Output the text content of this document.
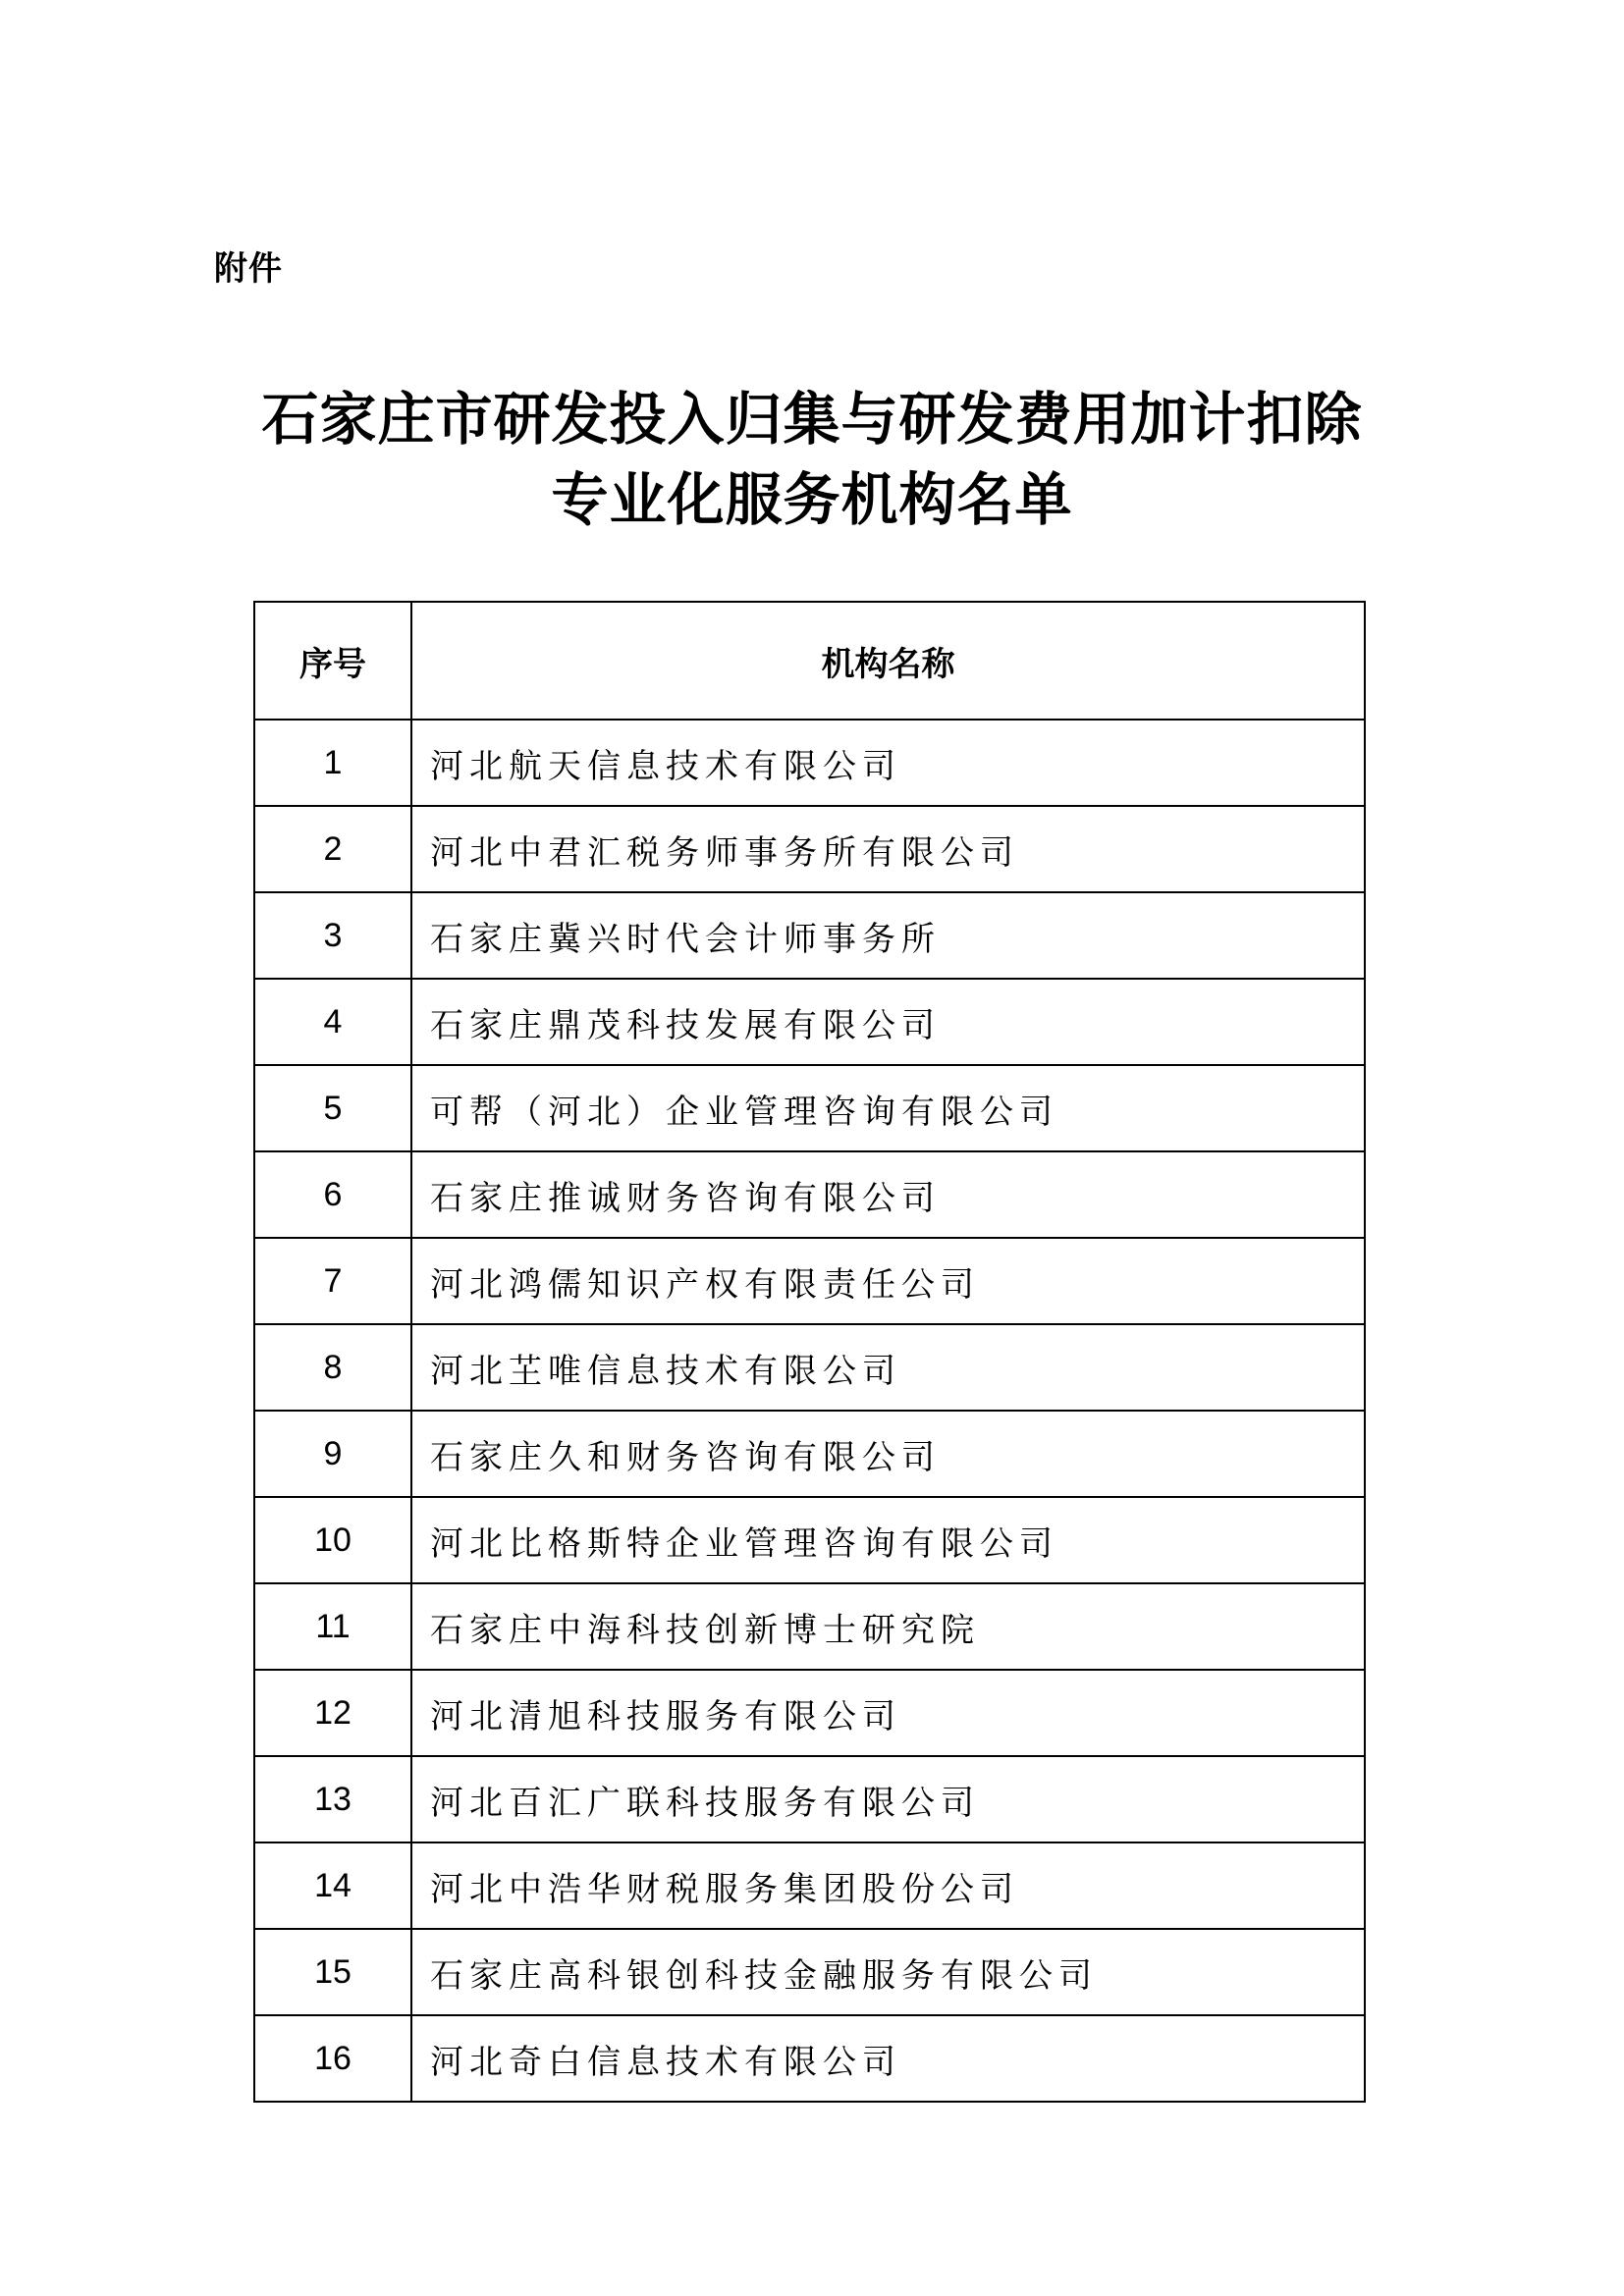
附件
石家庄市研发投入归集与研发费用加计扣除
专业化服务机构名单
序号	机构名称
1	河北航天信息技术有限公司
2	河北中君汇税务师事务所有限公司
3	石家庄冀兴时代会计师事务所
4	石家庄鼎茂科技发展有限公司
5	可帮（河北）企业管理咨询有限公司
6	石家庄推诚财务咨询有限公司
7	河北鸿儒知识产权有限责任公司
8	河北芏唯信息技术有限公司
9	石家庄久和财务咨询有限公司
10	河北比格斯特企业管理咨询有限公司
11	石家庄中海科技创新博士研究院
12	河北清旭科技服务有限公司
13	河北百汇广联科技服务有限公司
14	河北中浩华财税服务集团股份公司
15	石家庄高科银创科技金融服务有限公司
16	河北奇白信息技术有限公司
